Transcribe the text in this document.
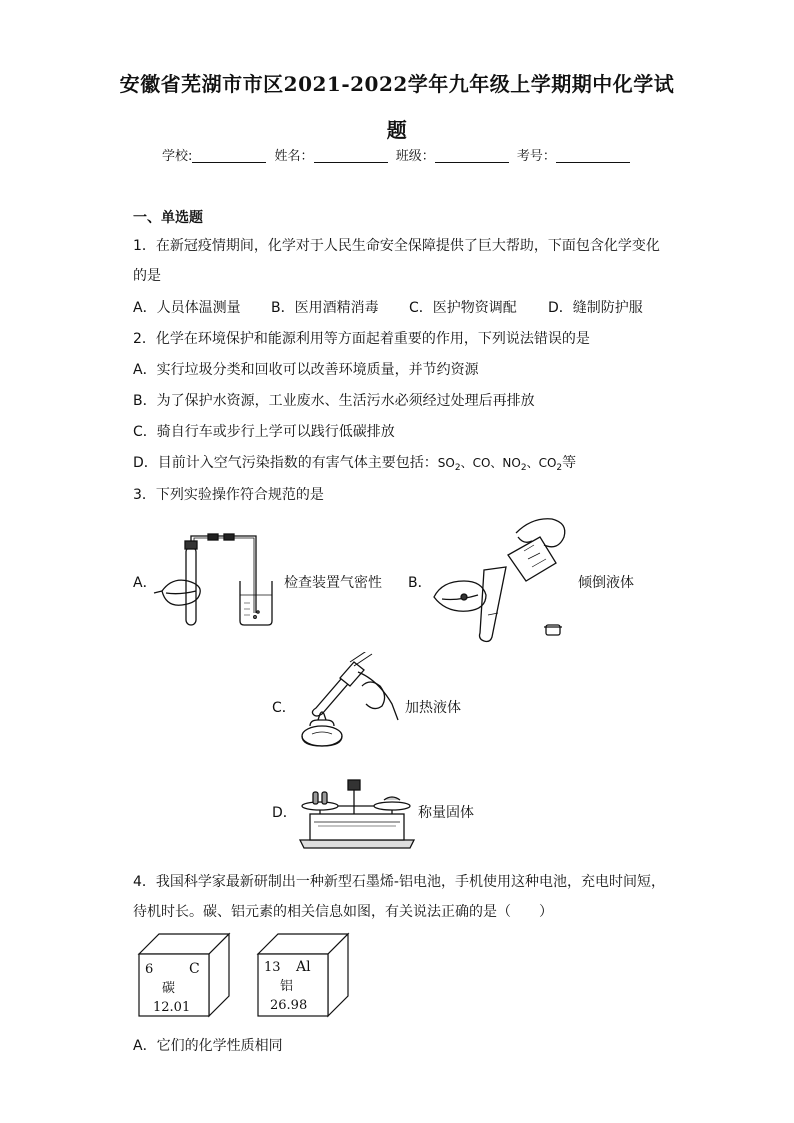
安徽省芜湖市市区2021-2022学年九年级上学期期中化学试
题
学校:	姓名：	班级：	考号：
一、单选题
1．在新冠疫情期间，化学对于人民生命安全保障提供了巨大帮助，下面包含化学变化
的是
A．人员体温测量 B．医用酒精消毒 C．医护物资调配 D．缝制防护服
2．化学在环境保护和能源利用等方面起着重要的作用，下列说法错误的是
A．实行垃圾分类和回收可以改善环境质量，并节约资源
B．为了保护水资源，工业废水、生活污水必须经过处理后再排放
C．骑自行车或步行上学可以践行低碳排放
D．目前计入空气污染指数的有害气体主要包括：$SO_2$、CO、$NO_2$、$CO_2$等
3．下列实验操作符合规范的是
A．	检查装置气密性 B．	倾倒液体
C．	加热液体
D．	称量固体
4．我国科学家最新研制出一种新型石墨烯-铝电池，手机使用这种电池，充电时间短，
待机时长。碳、铝元素的相关信息如图，有关说法正确的是（　　）
6	C
碳
12.01
13 Al
铝
26.98
A．它们的化学性质相同
